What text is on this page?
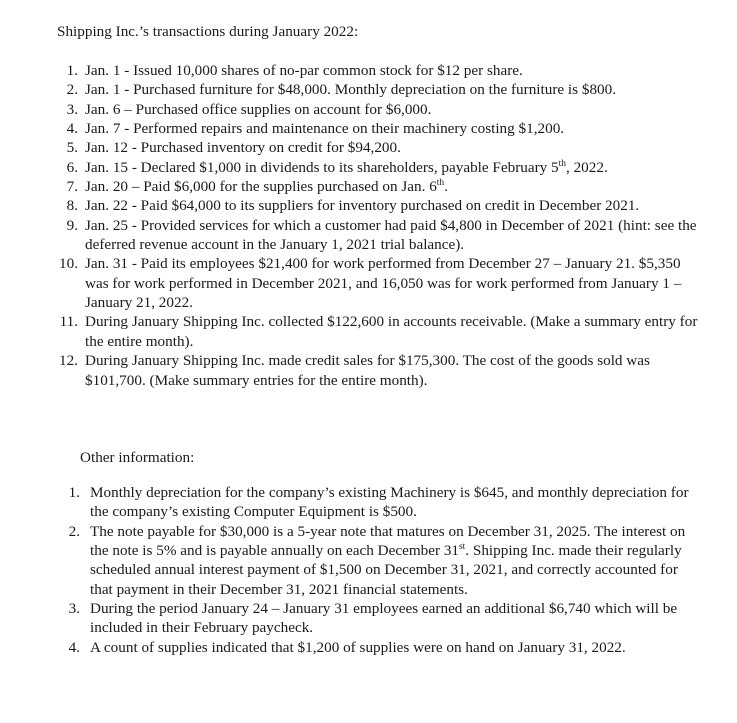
Shipping Inc.’s transactions during January 2022:
1. Jan. 1 - Issued 10,000 shares of no-par common stock for $12 per share.
2. Jan. 1 - Purchased furniture for $48,000. Monthly depreciation on the furniture is $800.
3. Jan. 6 – Purchased office supplies on account for $6,000.
4. Jan. 7 - Performed repairs and maintenance on their machinery costing $1,200.
5. Jan. 12 - Purchased inventory on credit for $94,200.
6. Jan. 15 - Declared $1,000 in dividends to its shareholders, payable February 5th, 2022.
7. Jan. 20 – Paid $6,000 for the supplies purchased on Jan. 6th.
8. Jan. 22 - Paid $64,000 to its suppliers for inventory purchased on credit in December 2021.
9. Jan. 25 - Provided services for which a customer had paid $4,800 in December of 2021 (hint: see the deferred revenue account in the January 1, 2021 trial balance).
10. Jan. 31 - Paid its employees $21,400 for work performed from December 27 – January 21. $5,350 was for work performed in December 2021, and 16,050 was for work performed from January 1 – January 21, 2022.
11. During January Shipping Inc. collected $122,600 in accounts receivable. (Make a summary entry for the entire month).
12. During January Shipping Inc. made credit sales for $175,300. The cost of the goods sold was $101,700. (Make summary entries for the entire month).
Other information:
1. Monthly depreciation for the company’s existing Machinery is $645, and monthly depreciation for the company’s existing Computer Equipment is $500.
2. The note payable for $30,000 is a 5-year note that matures on December 31, 2025. The interest on the note is 5% and is payable annually on each December 31st. Shipping Inc. made their regularly scheduled annual interest payment of $1,500 on December 31, 2021, and correctly accounted for that payment in their December 31, 2021 financial statements.
3. During the period January 24 – January 31 employees earned an additional $6,740 which will be included in their February paycheck.
4. A count of supplies indicated that $1,200 of supplies were on hand on January 31, 2022.
